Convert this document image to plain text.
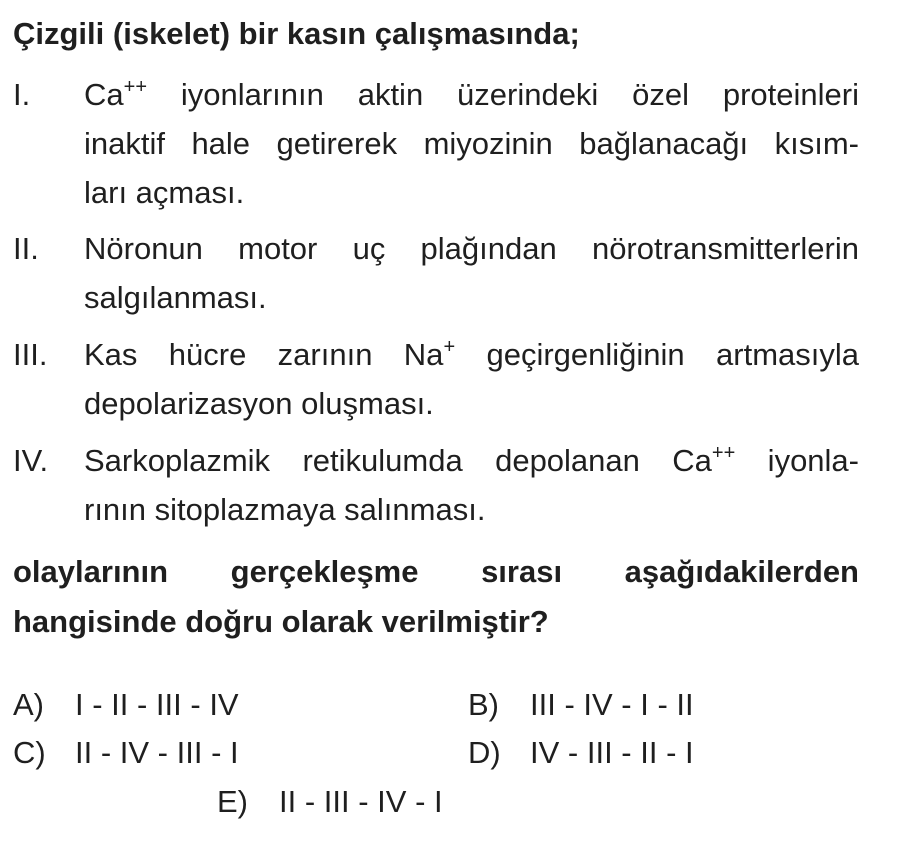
Çizgili (iskelet) bir kasın çalışmasında;

I. Ca++ iyonlarının aktin üzerindeki özel proteinleri
inaktif hale getirerek miyozinin bağlanacağı kısım-
ları açması.
II. Nöronun motor uç plağından nörotransmitterlerin
salgılanması.
III. Kas hücre zarının Na+ geçirgenliğinin artmasıyla
depolarizasyon oluşması.
IV. Sarkoplazmik retikulumda depolanan Ca++ iyonla-
rının sitoplazmaya salınması.
olaylarının gerçekleşme sırası aşağıdakilerden
hangisinde doğru olarak verilmiştir?
A) I - II - III - IV	B) III - IV - I - II
C) II - IV - III - I	D) IV - III - II - I
E) II - III - IV - I
